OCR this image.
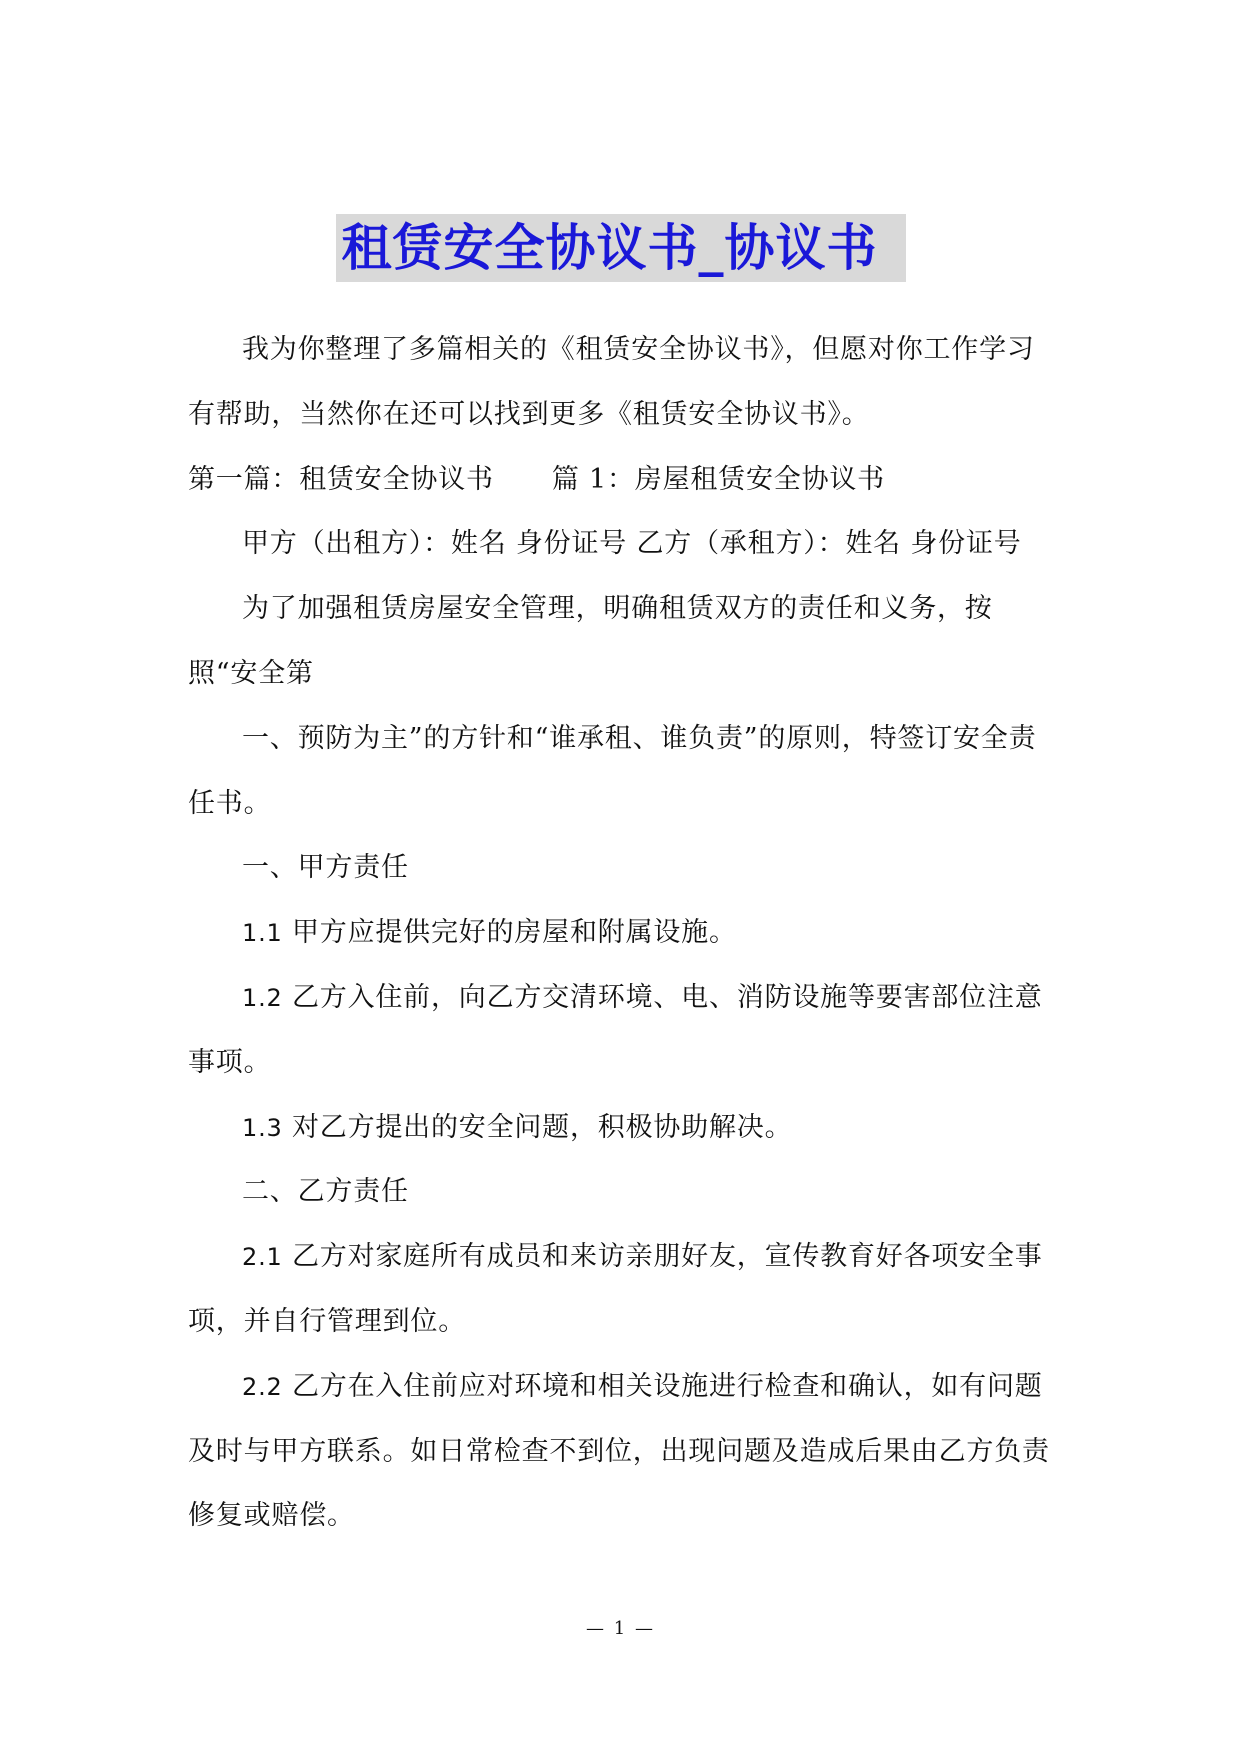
租赁安全协议书_协议书

我为你整理了多篇相关的《租赁安全协议书》，但愿对你工作学习有帮助，当然你在还可以找到更多《租赁安全协议书》。

第一篇：租赁安全协议书 篇 1：房屋租赁安全协议书

甲方（出租方）：姓名 身份证号 乙方（承租方）：姓名 身份证号

为了加强租赁房屋安全管理，明确租赁双方的责任和义务，按照“安全第

一、预防为主”的方针和“谁承租、谁负责”的原则，特签订安全责任书。

一、甲方责任

1.1 甲方应提供完好的房屋和附属设施。

1.2 乙方入住前，向乙方交清环境、电、消防设施等要害部位注意事项。

1.3 对乙方提出的安全问题，积极协助解决。

二、乙方责任

2.1 乙方对家庭所有成员和来访亲朋好友，宣传教育好各项安全事项，并自行管理到位。

2.2 乙方在入住前应对环境和相关设施进行检查和确认，如有问题及时与甲方联系。如日常检查不到位，出现问题及造成后果由乙方负责修复或赔偿。

— 1 —
